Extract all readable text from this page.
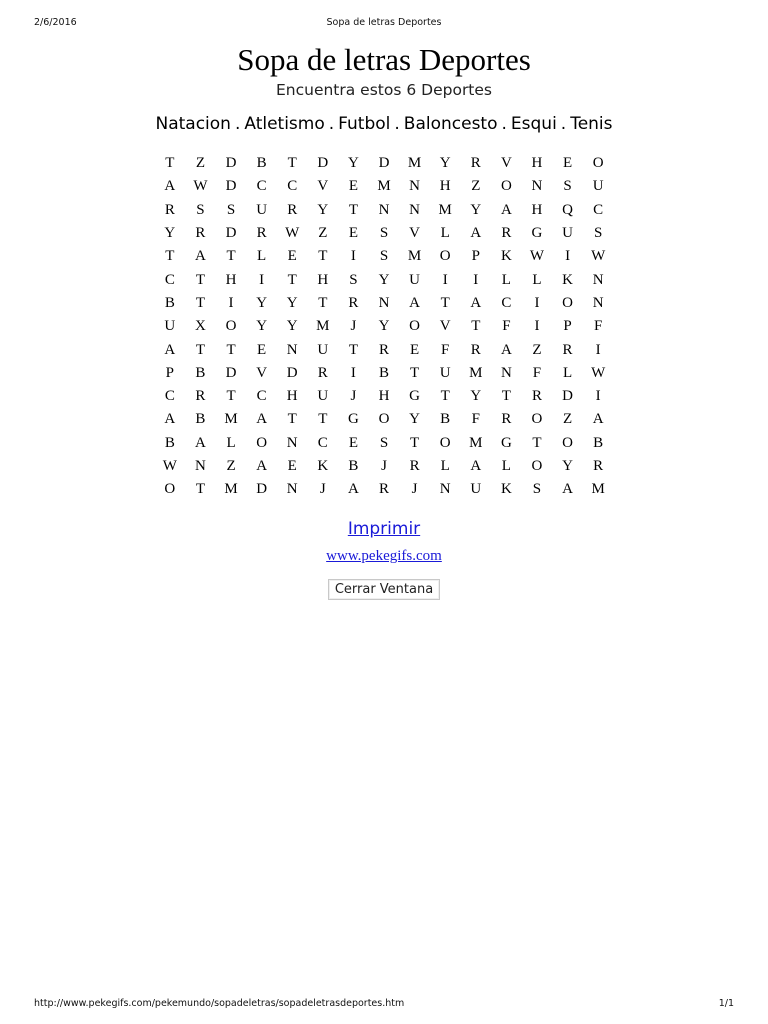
2/6/2016	Sopa de letras Deportes
Sopa de letras Deportes
Encuentra estos 6 Deportes
Natacion . Atletismo . Futbol . Baloncesto . Esqui . Tenis
T	Z	D	B	T	D	Y	D	M	Y	R	V	H	E	O
A	W	D	C	C	V	E	M	N	H	Z	O	N	S	U
R	S	S	U	R	Y	T	N	N	M	Y	A	H	Q	C
Y	R	D	R	W	Z	E	S	V	L	A	R	G	U	S
T	A	T	L	E	T	I	S	M	O	P	K	W	I	W
C	T	H	I	T	H	S	Y	U	I	I	L	L	K	N
B	T	I	Y	Y	T	R	N	A	T	A	C	I	O	N
U	X	O	Y	Y	M	J	Y	O	V	T	F	I	P	F
A	T	T	E	N	U	T	R	E	F	R	A	Z	R	I
P	B	D	V	D	R	I	B	T	U	M	N	F	L	W
C	R	T	C	H	U	J	H	G	T	Y	T	R	D	I
A	B	M	A	T	T	G	O	Y	B	F	R	O	Z	A
B	A	L	O	N	C	E	S	T	O	M	G	T	O	B
W	N	Z	A	E	K	B	J	R	L	A	L	O	Y	R
O	T	M	D	N	J	A	R	J	N	U	K	S	A	M
Imprimir
www.pekegifs.com
Cerrar Ventana
http://www.pekegifs.com/pekemundo/sopadeletras/sopadeletrasdeportes.htm	1/1
